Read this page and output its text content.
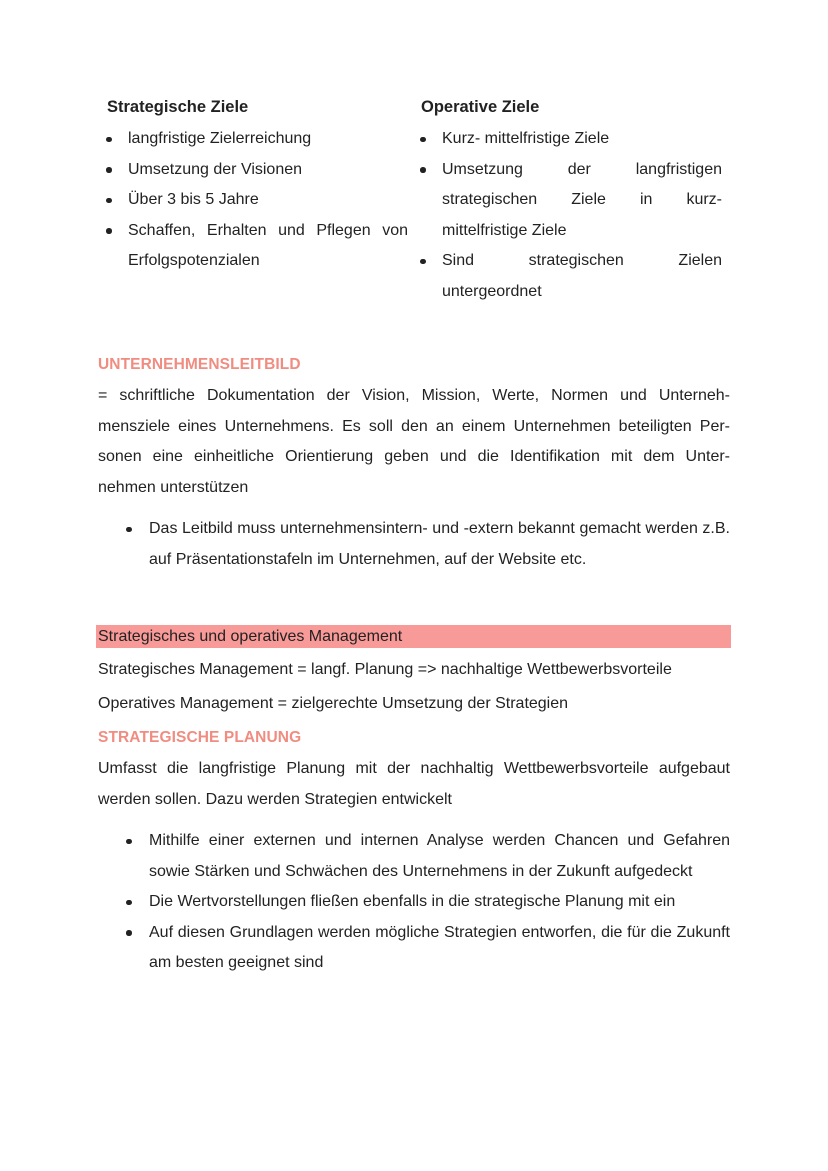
Strategische Ziele
langfristige Zielerreichung
Umsetzung der Visionen
Über 3 bis 5 Jahre
Schaffen, Erhalten und Pflegen von Erfolgspotenzialen
Operative Ziele
Kurz- mittelfristige Ziele
Umsetzung der langfristigen strategischen Ziele in kurz- mittelfristige Ziele
Sind strategischen Zielen untergeordnet
UNTERNEHMENSLEITBILD
= schriftliche Dokumentation der Vision, Mission, Werte, Normen und Unterneh-
mensziele eines Unternehmens. Es soll den an einem Unternehmen beteiligten Per-
sonen eine einheitliche Orientierung geben und die Identifikation mit dem Unter-
nehmen unterstützen
Das Leitbild muss unternehmensintern- und -extern bekannt gemacht werden z.B. auf Präsentationstafeln im Unternehmen, auf der Website etc.
Strategisches und operatives Management
Strategisches Management = langf. Planung => nachhaltige Wettbewerbsvorteile
Operatives Management = zielgerechte Umsetzung der Strategien
STRATEGISCHE PLANUNG
Umfasst die langfristige Planung mit der nachhaltig Wettbewerbsvorteile aufgebaut
werden sollen. Dazu werden Strategien entwickelt
Mithilfe einer externen und internen Analyse werden Chancen und Gefahren sowie Stärken und Schwächen des Unternehmens in der Zukunft aufgedeckt
Die Wertvorstellungen fließen ebenfalls in die strategische Planung mit ein
Auf diesen Grundlagen werden mögliche Strategien entworfen, die für die Zukunft am besten geeignet sind
